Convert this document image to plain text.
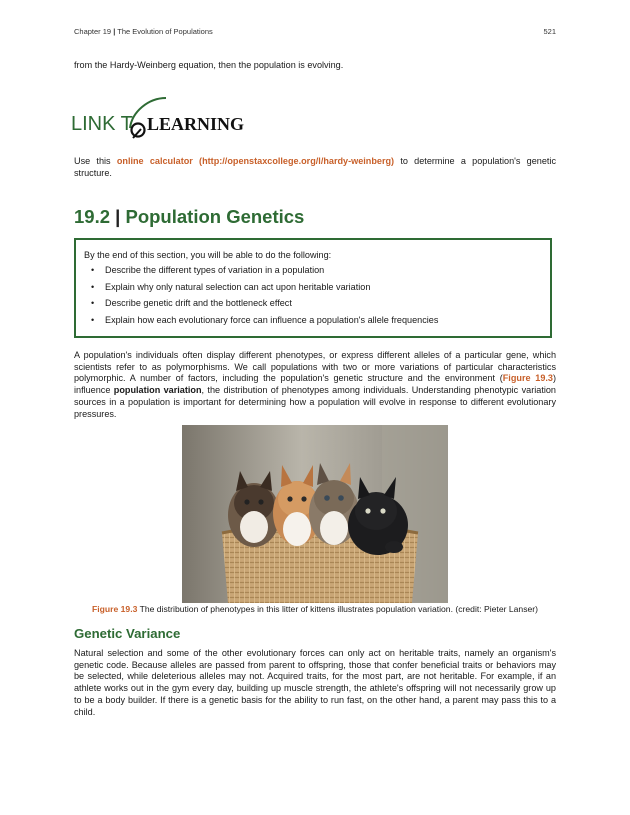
Chapter 19 | The Evolution of Populations	521

from the Hardy-Weinberg equation, then the population is evolving.

LINK T LEARNING

Use this online calculator (http://openstaxcollege.org/l/hardy-weinberg) to determine a population's genetic structure.

19.2 | Population Genetics

By the end of this section, you will be able to do the following:

• Describe the different types of variation in a population
• Explain why only natural selection can act upon heritable variation
• Describe genetic drift and the bottleneck effect
• Explain how each evolutionary force can influence a population's allele frequencies

A population's individuals often display different phenotypes, or express different alleles of a particular gene, which scientists refer to as polymorphisms. We call populations with two or more variations of particular characteristics polymorphic. A number of factors, including the population's genetic structure and the environment (Figure 19.3) influence population variation, the distribution of phenotypes among individuals. Understanding phenotypic variation sources in a population is important for determining how a population will evolve in response to different evolutionary pressures.

Figure 19.3 The distribution of phenotypes in this litter of kittens illustrates population variation. (credit: Pieter Lanser)

Genetic Variance

Natural selection and some of the other evolutionary forces can only act on heritable traits, namely an organism's genetic code. Because alleles are passed from parent to offspring, those that confer beneficial traits or behaviors may be selected, while deleterious alleles may not. Acquired traits, for the most part, are not heritable. For example, if an athlete works out in the gym every day, building up muscle strength, the athlete's offspring will not necessarily grow up to be a body builder. If there is a genetic basis for the ability to run fast, on the other hand, a parent may pass this to a child.
